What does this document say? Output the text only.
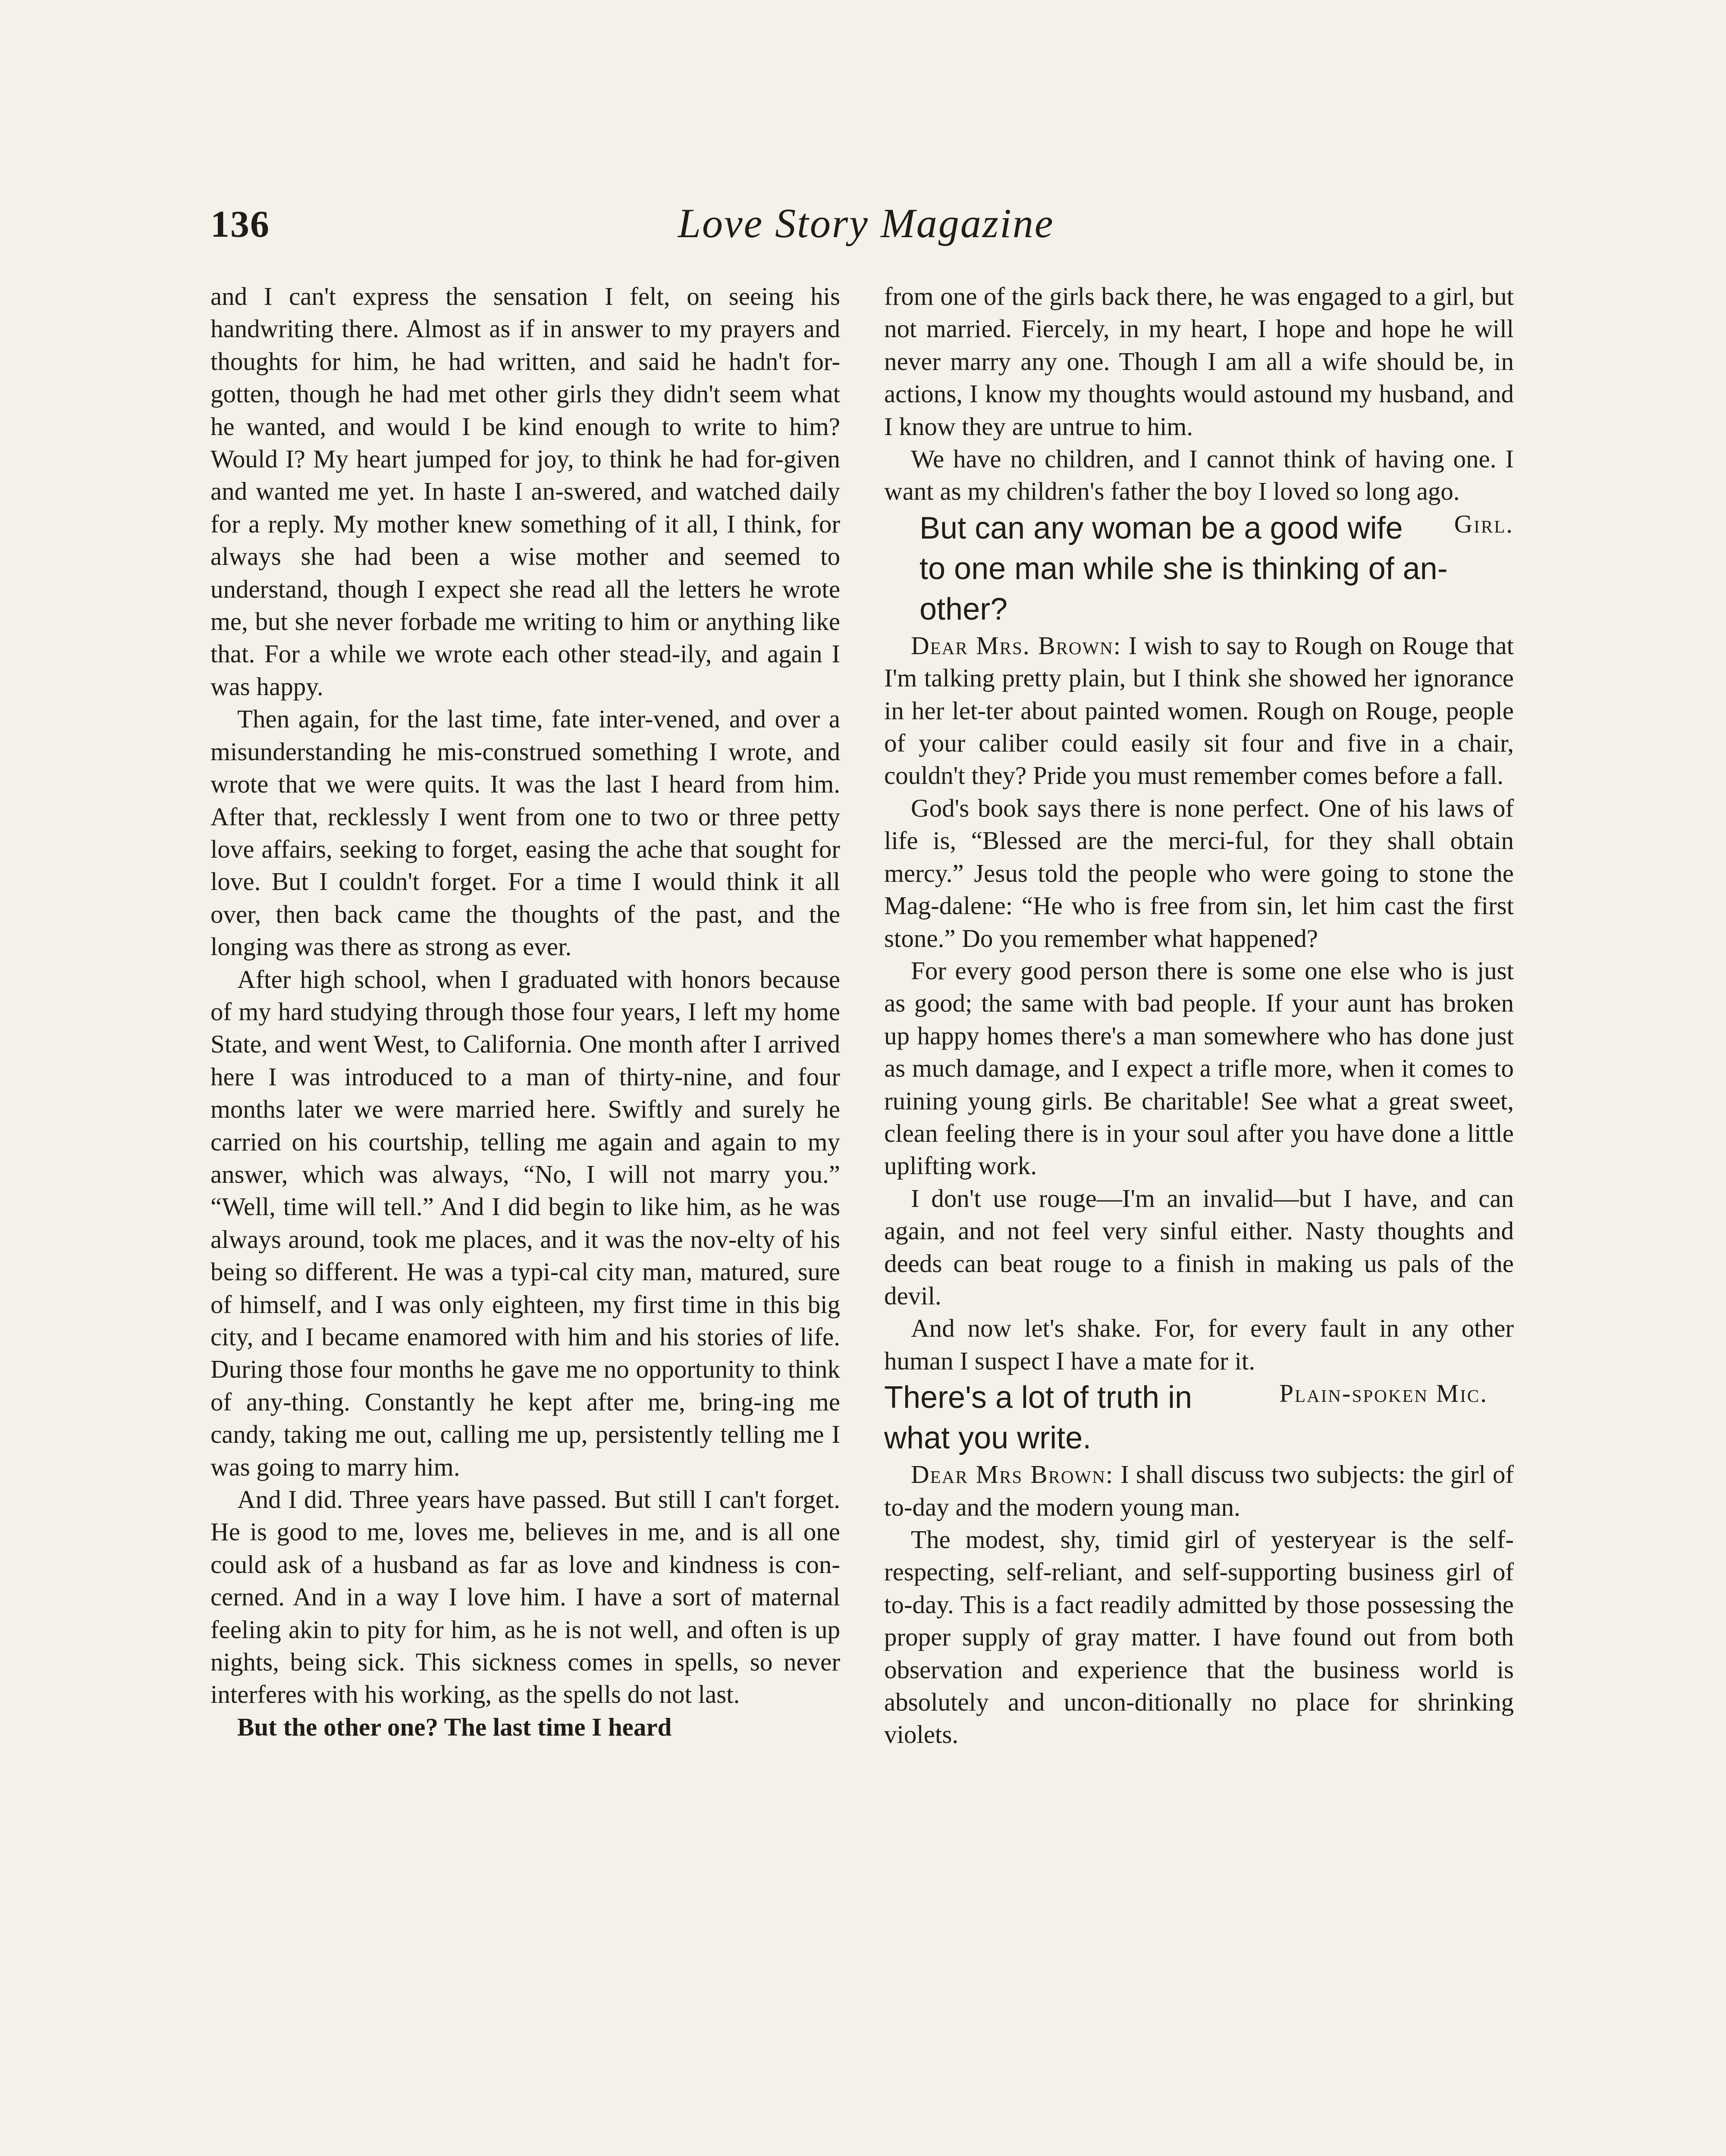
136	Love Story Magazine

and I can't express the sensation I felt, on seeing his handwriting there. Almost as if in answer to my prayers and thoughts for him, he had written, and said he hadn't for-gotten, though he had met other girls they didn't seem what he wanted, and would I be kind enough to write to him? Would I? My heart jumped for joy, to think he had for-given and wanted me yet. In haste I an-swered, and watched daily for a reply. My mother knew something of it all, I think, for always she had been a wise mother and seemed to understand, though I expect she read all the letters he wrote me, but she never forbade me writing to him or anything like that. For a while we wrote each other stead-ily, and again I was happy.

Then again, for the last time, fate inter-vened, and over a misunderstanding he mis-construed something I wrote, and wrote that we were quits. It was the last I heard from him. After that, recklessly I went from one to two or three petty love affairs, seeking to forget, easing the ache that sought for love. But I couldn't forget. For a time I would think it all over, then back came the thoughts of the past, and the longing was there as strong as ever.

After high school, when I graduated with honors because of my hard studying through those four years, I left my home State, and went West, to California. One month after I arrived here I was introduced to a man of thirty-nine, and four months later we were married here. Swiftly and surely he carried on his courtship, telling me again and again to my answer, which was always, “No, I will not marry you.” “Well, time will tell.” And I did begin to like him, as he was always around, took me places, and it was the nov-elty of his being so different. He was a typi-cal city man, matured, sure of himself, and I was only eighteen, my first time in this big city, and I became enamored with him and his stories of life. During those four months he gave me no opportunity to think of any-thing. Constantly he kept after me, bring-ing me candy, taking me out, calling me up, persistently telling me I was going to marry him.

And I did. Three years have passed. But still I can't forget. He is good to me, loves me, believes in me, and is all one could ask of a husband as far as love and kindness is con-cerned. And in a way I love him. I have a sort of maternal feeling akin to pity for him, as he is not well, and often is up nights, being sick. This sickness comes in spells, so never interferes with his working, as the spells do not last.

But the other one? The last time I heard

from one of the girls back there, he was engaged to a girl, but not married. Fiercely, in my heart, I hope and hope he will never marry any one. Though I am all a wife should be, in actions, I know my thoughts would astound my husband, and I know they are untrue to him.

We have no children, and I cannot think of having one. I want as my children's father the boy I loved so long ago.
Girl.

But can any woman be a good wife to one man while she is thinking of an-other?

Dear Mrs. Brown: I wish to say to Rough on Rouge that I'm talking pretty plain, but I think she showed her ignorance in her let-ter about painted women. Rough on Rouge, people of your caliber could easily sit four and five in a chair, couldn't they? Pride you must remember comes before a fall.

God's book says there is none perfect. One of his laws of life is, “Blessed are the merci-ful, for they shall obtain mercy.” Jesus told the people who were going to stone the Mag-dalene: “He who is free from sin, let him cast the first stone.” Do you remember what happened?

For every good person there is some one else who is just as good; the same with bad people. If your aunt has broken up happy homes there's a man somewhere who has done just as much damage, and I expect a trifle more, when it comes to ruining young girls. Be charitable! See what a great sweet, clean feeling there is in your soul after you have done a little uplifting work.

I don't use rouge—I'm an invalid—but I have, and can again, and not feel very sinful either. Nasty thoughts and deeds can beat rouge to a finish in making us pals of the devil.

And now let's shake. For, for every fault in any other human I suspect I have a mate for it.
Plain-spoken Mic.

There's a lot of truth in what you write.

Dear Mrs Brown: I shall discuss two subjects: the girl of to-day and the modern young man.

The modest, shy, timid girl of yesteryear is the self-respecting, self-reliant, and self-supporting business girl of to-day. This is a fact readily admitted by those possessing the proper supply of gray matter. I have found out from both observation and experience that the business world is absolutely and uncon-ditionally no place for shrinking violets.
